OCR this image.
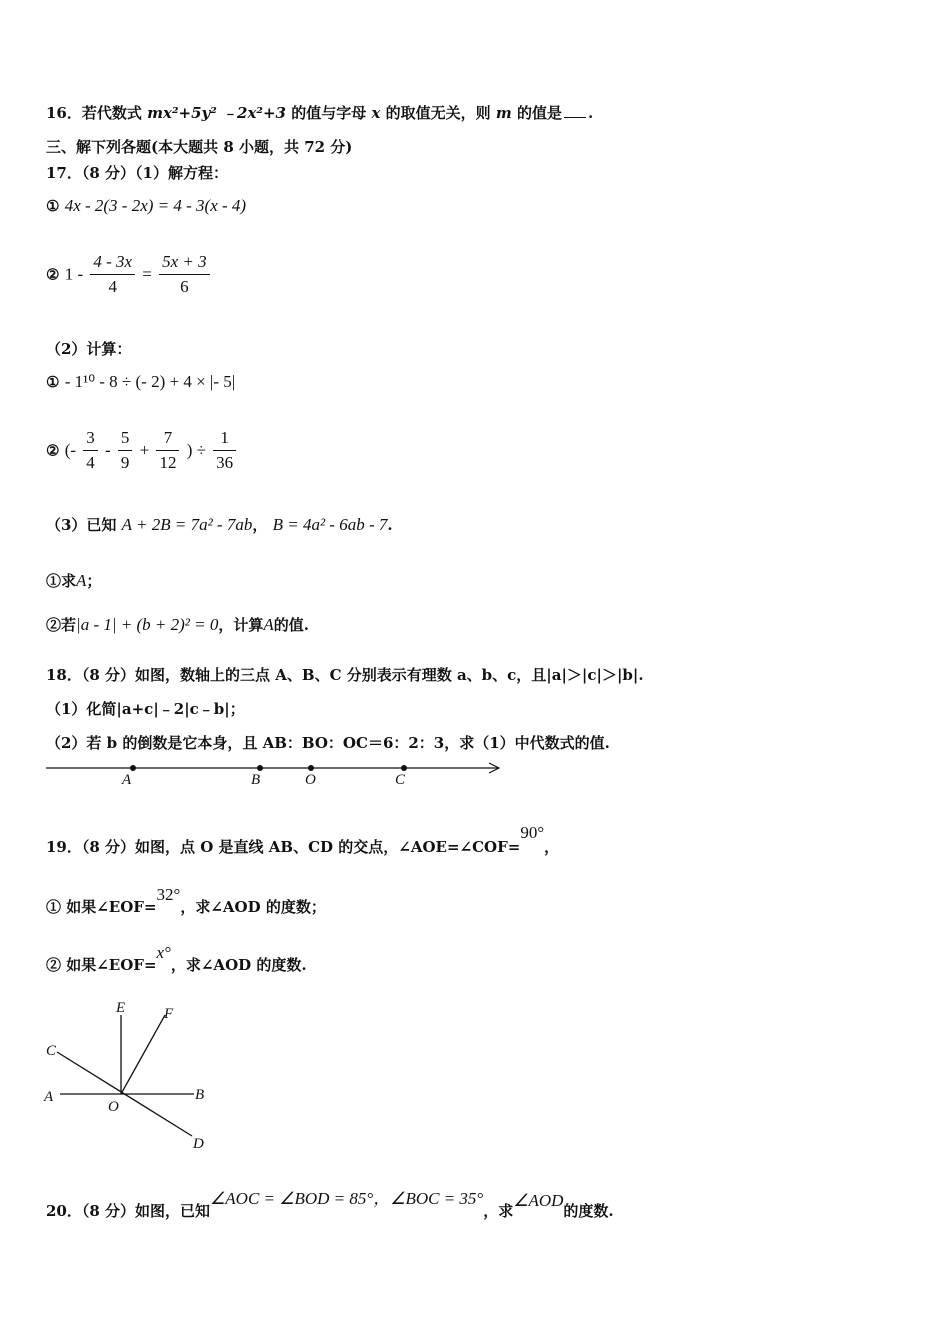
16．若代数式 mx²+5y² ﹣2x²+3 的值与字母 x 的取值无关，则 m 的值是 .
三、解下列各题(本大题共 8 小题，共 72 分)
17．（8 分）（1）解方程：
① 4x - 2(3 - 2x) = 4 - 3(x - 4)
② $1 - \frac{4 - 3x}{4} = \frac{5x + 3}{6}$
（2）计算：
① - 1¹⁰ - 8 ÷ (- 2) + 4 × |- 5|
② (- $\frac{3}{4} - \frac{5}{9} + \frac{7}{12}$ ) ÷ $\frac{1}{36}$
（3）已知 A + 2B = 7a² - 7ab， B = 4a² - 6ab - 7.
①求A；
②若|a - 1| + (b + 2)² = 0，计算A的值.
18．（8 分）如图，数轴上的三点 A、B、C 分别表示有理数 a、b、c，且|a|＞|c|＞|b|.
（1）化简|a+c|﹣2|c﹣b|；
（2）若 b 的倒数是它本身，且 AB：BO：OC＝6：2：3，求（1）中代数式的值.
A	B	O	C
19．（8 分）如图，点 O 是直线 AB、CD 的交点，∠AOE=∠COF=90°，
① 如果∠EOF=32°，求∠AOD 的度数；
② 如果∠EOF=x°，求∠AOD 的度数.
E	F
C
A	B
O
D
20．（8 分）如图，已知∠AOC = ∠BOD = 85°，∠BOC = 35°，求∠AOD的度数.
